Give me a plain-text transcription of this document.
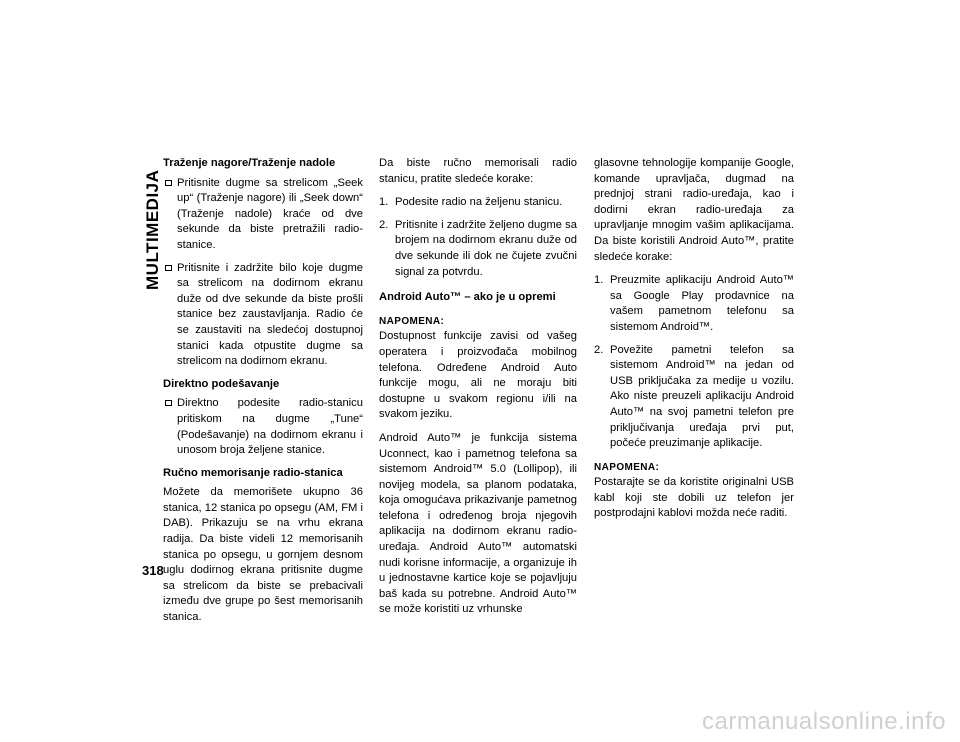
MULTIMEDIJA
Traženje nagore/Traženje nadole
Pritisnite dugme sa strelicom „Seek up“ (Traženje nagore) ili „Seek down“ (Traženje nadole) kraće od dve sekunde da biste pretražili radio-stanice.
Pritisnite i zadržite bilo koje dugme sa strelicom na dodirnom ekranu duže od dve sekunde da biste prošli stanice bez zaustavljanja. Radio će se zaustaviti na sledećoj dostupnoj stanici kada otpustite dugme sa strelicom na dodirnom ekranu.
Direktno podešavanje
Direktno podesite radio-stanicu pritiskom na dugme „Tune“ (Podešavanje) na dodirnom ekranu i unosom broja željene stanice.
Ručno memorisanje radio-stanica
Možete da memorišete ukupno 36 stanica, 12 stanica po opsegu (AM, FM i DAB). Prikazuju se na vrhu ekrana radija. Da biste videli 12 memorisanih stanica po opsegu, u gornjem desnom uglu dodirnog ekrana pritisnite dugme sa strelicom da biste se prebacivali između dve grupe po šest memorisanih stanica.
Da biste ručno memorisali radio stanicu, pratite sledeće korake:
1. Podesite radio na željenu stanicu.
2. Pritisnite i zadržite željeno dugme sa brojem na dodirnom ekranu duže od dve sekunde ili dok ne čujete zvučni signal za potvrdu.
Android Auto™ – ako je u opremi
NAPOMENA:
Dostupnost funkcije zavisi od vašeg operatera i proizvođača mobilnog telefona. Određene Android Auto funkcije mogu, ali ne moraju biti dostupne u svakom regionu i/ili na svakom jeziku.
Android Auto™ je funkcija sistema Uconnect, kao i pametnog telefona sa sistemom Android™ 5.0 (Lollipop), ili novijeg modela, sa planom podataka, koja omogućava prikazivanje pametnog telefona i određenog broja njegovih aplikacija na dodirnom ekranu radio-uređaja. Android Auto™ automatski nudi korisne informacije, a organizuje ih u jednostavne kartice koje se pojavljuju baš kada su potrebne. Android Auto™ se može koristiti uz vrhunske
glasovne tehnologije kompanije Google, komande upravljača, dugmad na prednjoj strani radio-uređaja, kao i dodirni ekran radio-uređaja za upravljanje mnogim vašim aplikacijama. Da biste koristili Android Auto™, pratite sledeće korake:
1. Preuzmite aplikaciju Android Auto™ sa Google Play prodavnice na vašem pametnom telefonu sa sistemom Android™.
2. Povežite pametni telefon sa sistemom Android™ na jedan od USB priključaka za medije u vozilu. Ako niste preuzeli aplikaciju Android Auto™ na svoj pametni telefon pre priključivanja uređaja prvi put, počeće preuzimanje aplikacije.
NAPOMENA:
Postarajte se da koristite originalni USB kabl koji ste dobili uz telefon jer postprodajni kablovi možda neće raditi.
318
carmanualsonline.info
